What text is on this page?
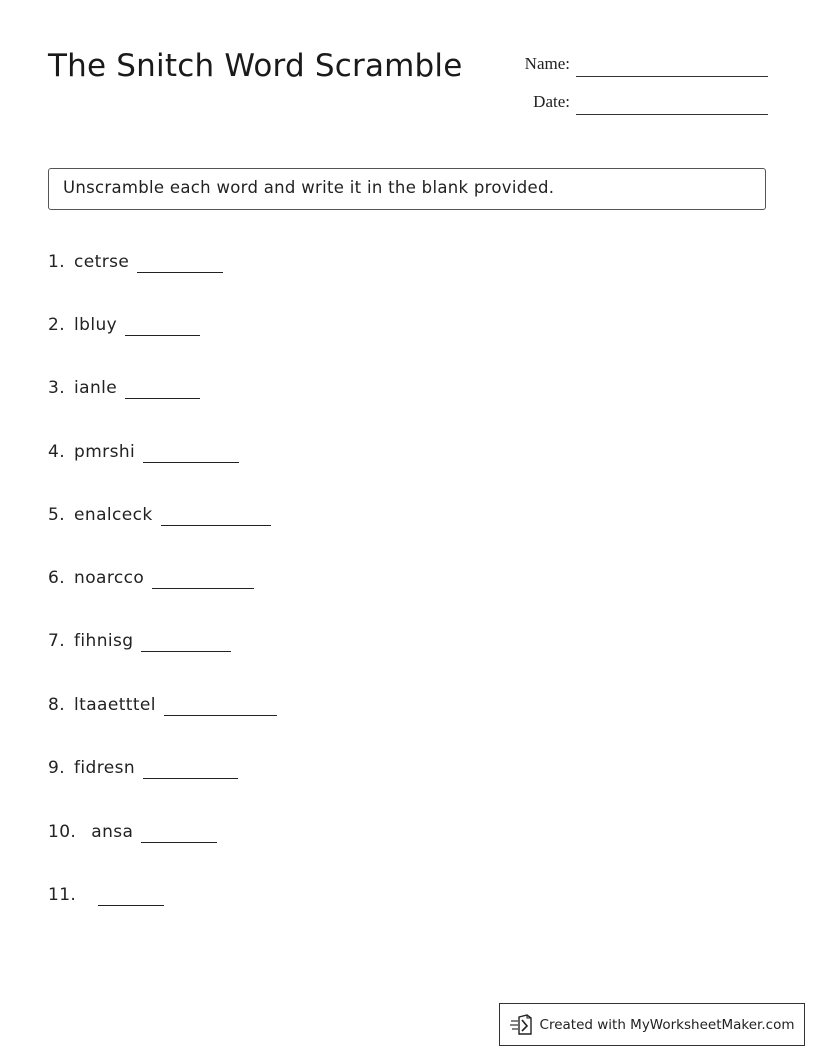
The Snitch Word Scramble	Name:
Date:
Unscramble each word and write it in the blank provided.
1. cetrse
2. lbluy
3. ianle
4. pmrshi
5. enalceck
6. noarcco
7. fihnisg
8. ltaaetttel
9. fidresn
10. ansa
11.
Created with MyWorksheetMaker.com
